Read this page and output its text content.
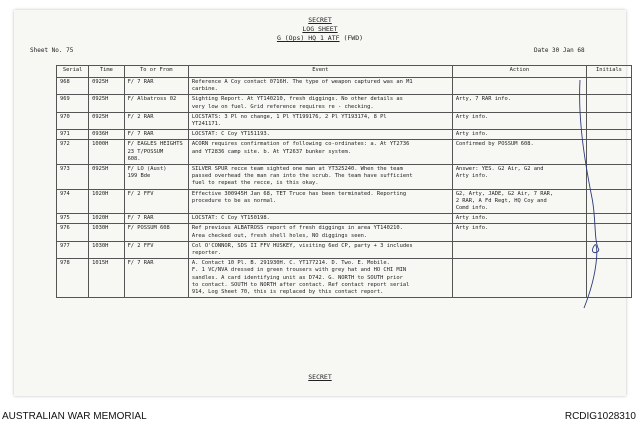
SECRET
LOG SHEET
G (Ops) HQ 1 ATF (FWD)
Sheet No. 75	Date 30 Jan 68
Serial	Time	To or From	Event	Action	Initials
968	0925H	F/ 7 RAR	Reference A Coy contact 0716H. The type of weapon captured was an M1
carbine.		

969	0925H	F/ Albatross 02	Sighting Report. At YT140210, fresh diggings. No other details as
very low on fuel. Grid reference requires re - checking.	Arty, 7 RAR info.	

970	0925H	F/ 2 RAR	LOCSTATS: 3 Pl no change, 1 Pl YT199176, 2 Pl YT193174, 8 Pl
YT241171.	Arty info.	

971	0936H	F/ 7 RAR	LOCSTAT: C Coy YT151193.	Arty info.	

972	1000H	F/ EAGLES HEIGHTS
23 T/POSSUM
608.	ACORN requires confirmation of following co-ordinates: a. At YT2736
and YT2836 camp site. b. At YT2637 bunker system.	Confirmed by POSSUM 608.	

973	0925H	F/ LO (Aust)
199 Bde	SILVER SPUR recce team sighted one man at YT325240. When the team
passed overhead the man ran into the scrub. The team have sufficient
fuel to repeat the recce, is this okay.	Answer: YES. G2 Air, G2 and
Arty info.	

974	1020H	F/ 2 FFV	Effective 300945H Jan 68, TET Truce has been terminated. Reporting
procedure to be as normal.	G2, Arty, JADE, G2 Air, 7 RAR,
2 RAR, A Fd Regt, HQ Coy and
Comd info.	

975	1020H	F/ 7 RAR	LOCSTAT: C Coy YT150198.	Arty info.	

976	1030H	F/ POSSUM 608	Ref previous ALBATROSS report of fresh diggings in area YT140210.
Area checked out, fresh shell holes, NO diggings seen.	Arty info.	

977	1030H	F/ 2 FFV	Col O'CONNOR, SDS II FFV HUSKEY, visiting 6ed CP, party + 3 includes
reporter.		

978	1015H	F/ 7 RAR	A. Contact 10 Pl. B. 291930H. C. YT177214. D. Two. E. Mobile.
F. 1 VC/NVA dressed in green trousers with grey hat and HO CHI MIN
sandles. A card identifying unit as D742. G. NORTH to SOUTH prior
to contact. SOUTH to NORTH after contact. Ref contact report serial
914, Log Sheet 70, this is replaced by this contact report.		

SECRET
AUSTRALIAN WAR MEMORIAL	RCDIG1028310
